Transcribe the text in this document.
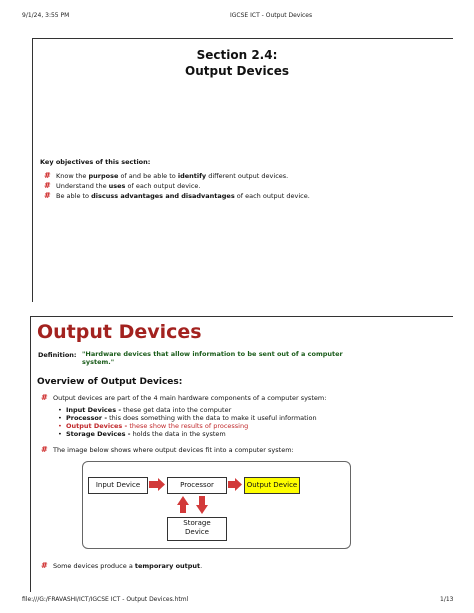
9/1/24, 3:55 PM	IGCSE ICT - Output Devices
Section 2.4:
Output Devices
Key objectives of this section:
# Know the purpose of and be able to identify different output devices.
# Understand the uses of each output device.
# Be able to discuss advantages and disadvantages of each output device.
Output Devices
Definition: "Hardware devices that allow information to be sent out of a computer
system."
Overview of Output Devices:
# Output devices are part of the 4 main hardware components of a computer system:
•  Input Devices - these get data into the computer
•  Processor - this does something with the data to make it useful information
•  Output Devices - these show the results of processing
•  Storage Devices - holds the data in the system
# The image below shows where output devices fit into a computer system:
Input Device	Processor	Output Device
Storage
Device
# Some devices produce a temporary output.
file:///G:/FRAVASHI/ICT/IGCSE ICT - Output Devices.html	1/13
